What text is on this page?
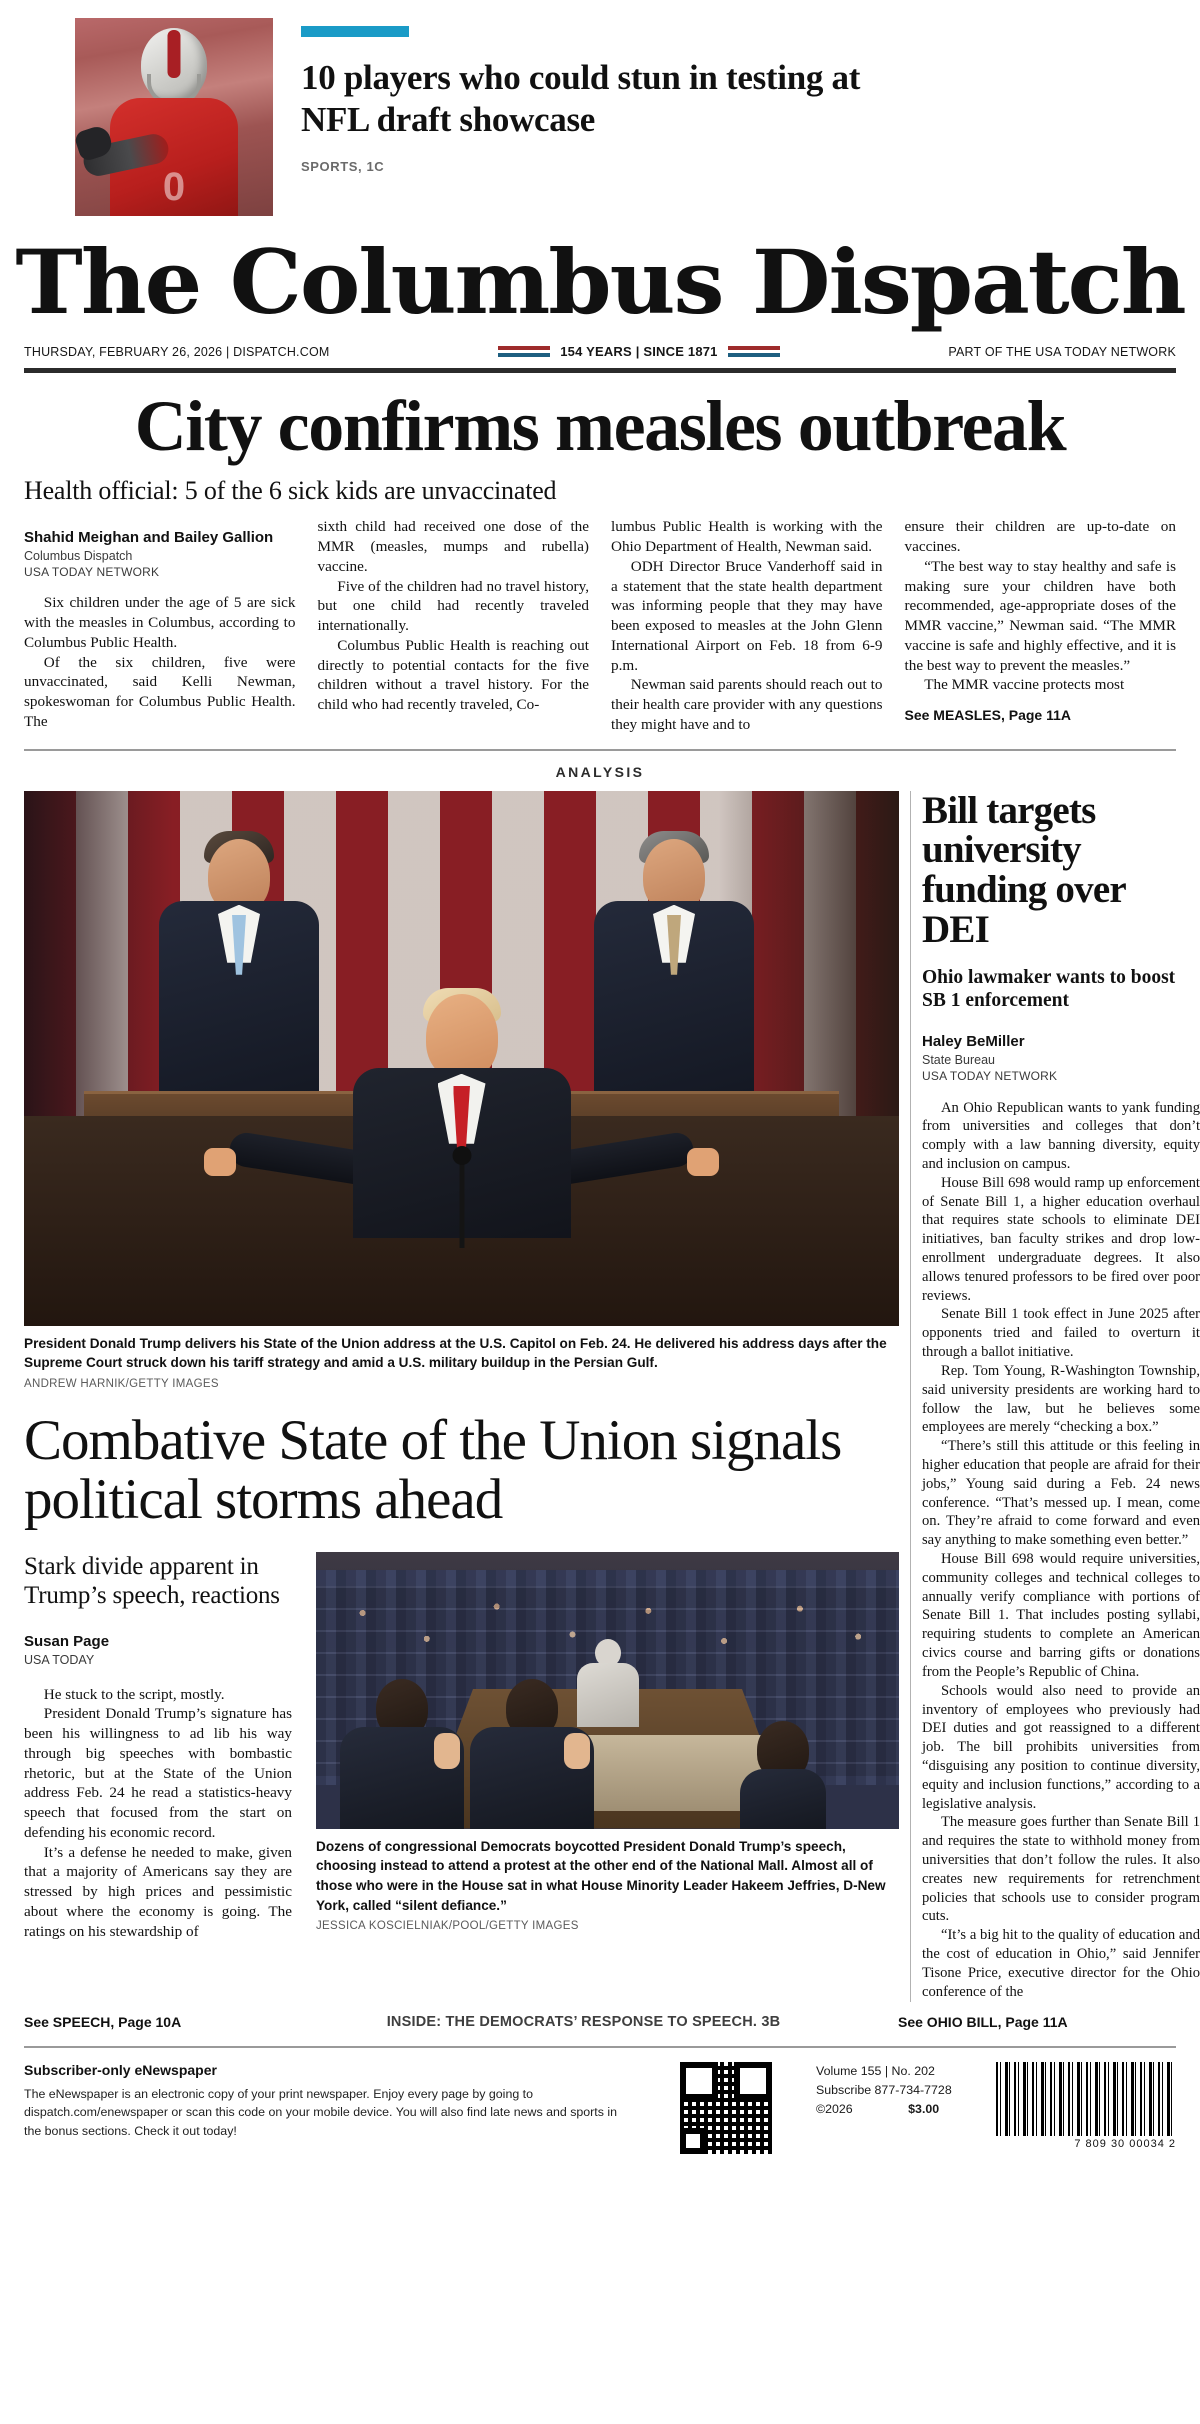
0
10 players who could stun in testing at NFL draft showcase
SPORTS, 1C
The Columbus Dispatch
THURSDAY, FEBRUARY 26, 2026 | DISPATCH.COM	154 YEARS | SINCE 1871	PART OF THE USA TODAY NETWORK
City confirms measles outbreak
Health official: 5 of the 6 sick kids are unvaccinated
Shahid Meighan and Bailey Gallion
Columbus Dispatch
USA TODAY NETWORK

Six children under the age of 5 are sick with the measles in Columbus, according to Columbus Public Health.

Of the six children, five were unvaccinated, said Kelli Newman, spokeswoman for Columbus Public Health. The

sixth child had received one dose of the MMR (measles, mumps and rubella) vaccine.

Five of the children had no travel history, but one child had recently traveled internationally.

Columbus Public Health is reaching out directly to potential contacts for the five children without a travel history. For the child who had recently traveled, Co-

lumbus Public Health is working with the Ohio Department of Health, Newman said.

ODH Director Bruce Vanderhoff said in a statement that the state health department was informing people that they may have been exposed to measles at the John Glenn International Airport on Feb. 18 from 6-9 p.m.

Newman said parents should reach out to their health care provider with any questions they might have and to

ensure their children are up-to-date on vaccines.

“The best way to stay healthy and safe is making sure your children have both recommended, age-appropriate doses of the MMR vaccine,” Newman said. “The MMR vaccine is safe and highly effective, and it is the best way to prevent the measles.”

The MMR vaccine protects most

See MEASLES, Page 11A
ANALYSIS
President Donald Trump delivers his State of the Union address at the U.S. Capitol on Feb. 24. He delivered his address days after the Supreme Court struck down his tariff strategy and amid a U.S. military buildup in the Persian Gulf.
ANDREW HARNIK/GETTY IMAGES
Combative State of the Union signals political storms ahead
Stark divide apparent in Trump’s speech, reactions
Susan Page
USA TODAY

He stuck to the script, mostly.

President Donald Trump’s signature has been his willingness to ad lib his way through big speeches with bombastic rhetoric, but at the State of the Union address Feb. 24 he read a statistics-heavy speech that focused from the start on defending his economic record.

It’s a defense he needed to make, given that a majority of Americans say they are stressed by high prices and pessimistic about where the economy is going. The ratings on his stewardship of

Dozens of congressional Democrats boycotted President Donald Trump’s speech, choosing instead to attend a protest at the other end of the National Mall. Almost all of those who were in the House sat in what House Minority Leader Hakeem Jeffries, D-New York, called “silent defiance.”
JESSICA KOSCIELNIAK/POOL/GETTY IMAGES
Bill targets university funding over DEI
Ohio lawmaker wants to boost SB 1 enforcement
Haley BeMiller
State Bureau
USA TODAY NETWORK

An Ohio Republican wants to yank funding from universities and colleges that don’t comply with a law banning diversity, equity and inclusion on campus.

House Bill 698 would ramp up enforcement of Senate Bill 1, a higher education overhaul that requires state schools to eliminate DEI initiatives, ban faculty strikes and drop low-enrollment undergraduate degrees. It also allows tenured professors to be fired over poor reviews.

Senate Bill 1 took effect in June 2025 after opponents tried and failed to overturn it through a ballot initiative.

Rep. Tom Young, R-Washington Township, said university presidents are working hard to follow the law, but he believes some employees are merely “checking a box.”

“There’s still this attitude or this feeling in higher education that people are afraid for their jobs,” Young said during a Feb. 24 news conference. “That’s messed up. I mean, come on. They’re afraid to come forward and even say anything to make something even better.”

House Bill 698 would require universities, community colleges and technical colleges to annually verify compliance with portions of Senate Bill 1. That includes posting syllabi, requiring students to complete an American civics course and barring gifts or donations from the People’s Republic of China.

Schools would also need to provide an inventory of employees who previously had DEI duties and got reassigned to a different job. The bill prohibits universities from “disguising any position to continue diversity, equity and inclusion functions,” according to a legislative analysis.

The measure goes further than Senate Bill 1 and requires the state to withhold money from universities that don’t follow the rules. It also creates new requirements for retrenchment policies that schools use to consider program cuts.

“It’s a big hit to the quality of education and the cost of education in Ohio,” said Jennifer Tisone Price, executive director for the Ohio conference of the

See SPEECH, Page 10A	INSIDE: THE DEMOCRATS’ RESPONSE TO SPEECH. 3B	See OHIO BILL, Page 11A
Subscriber-only eNewspaper
The eNewspaper is an electronic copy of your print newspaper. Enjoy every page by going to dispatch.com/enewspaper or scan this code on your mobile device. You will also find late news and sports in the bonus sections. Check it out today!
Volume 155 | No. 202
Subscribe 877-734-7728
©2026	$3.00
7 809 30 00034 2
